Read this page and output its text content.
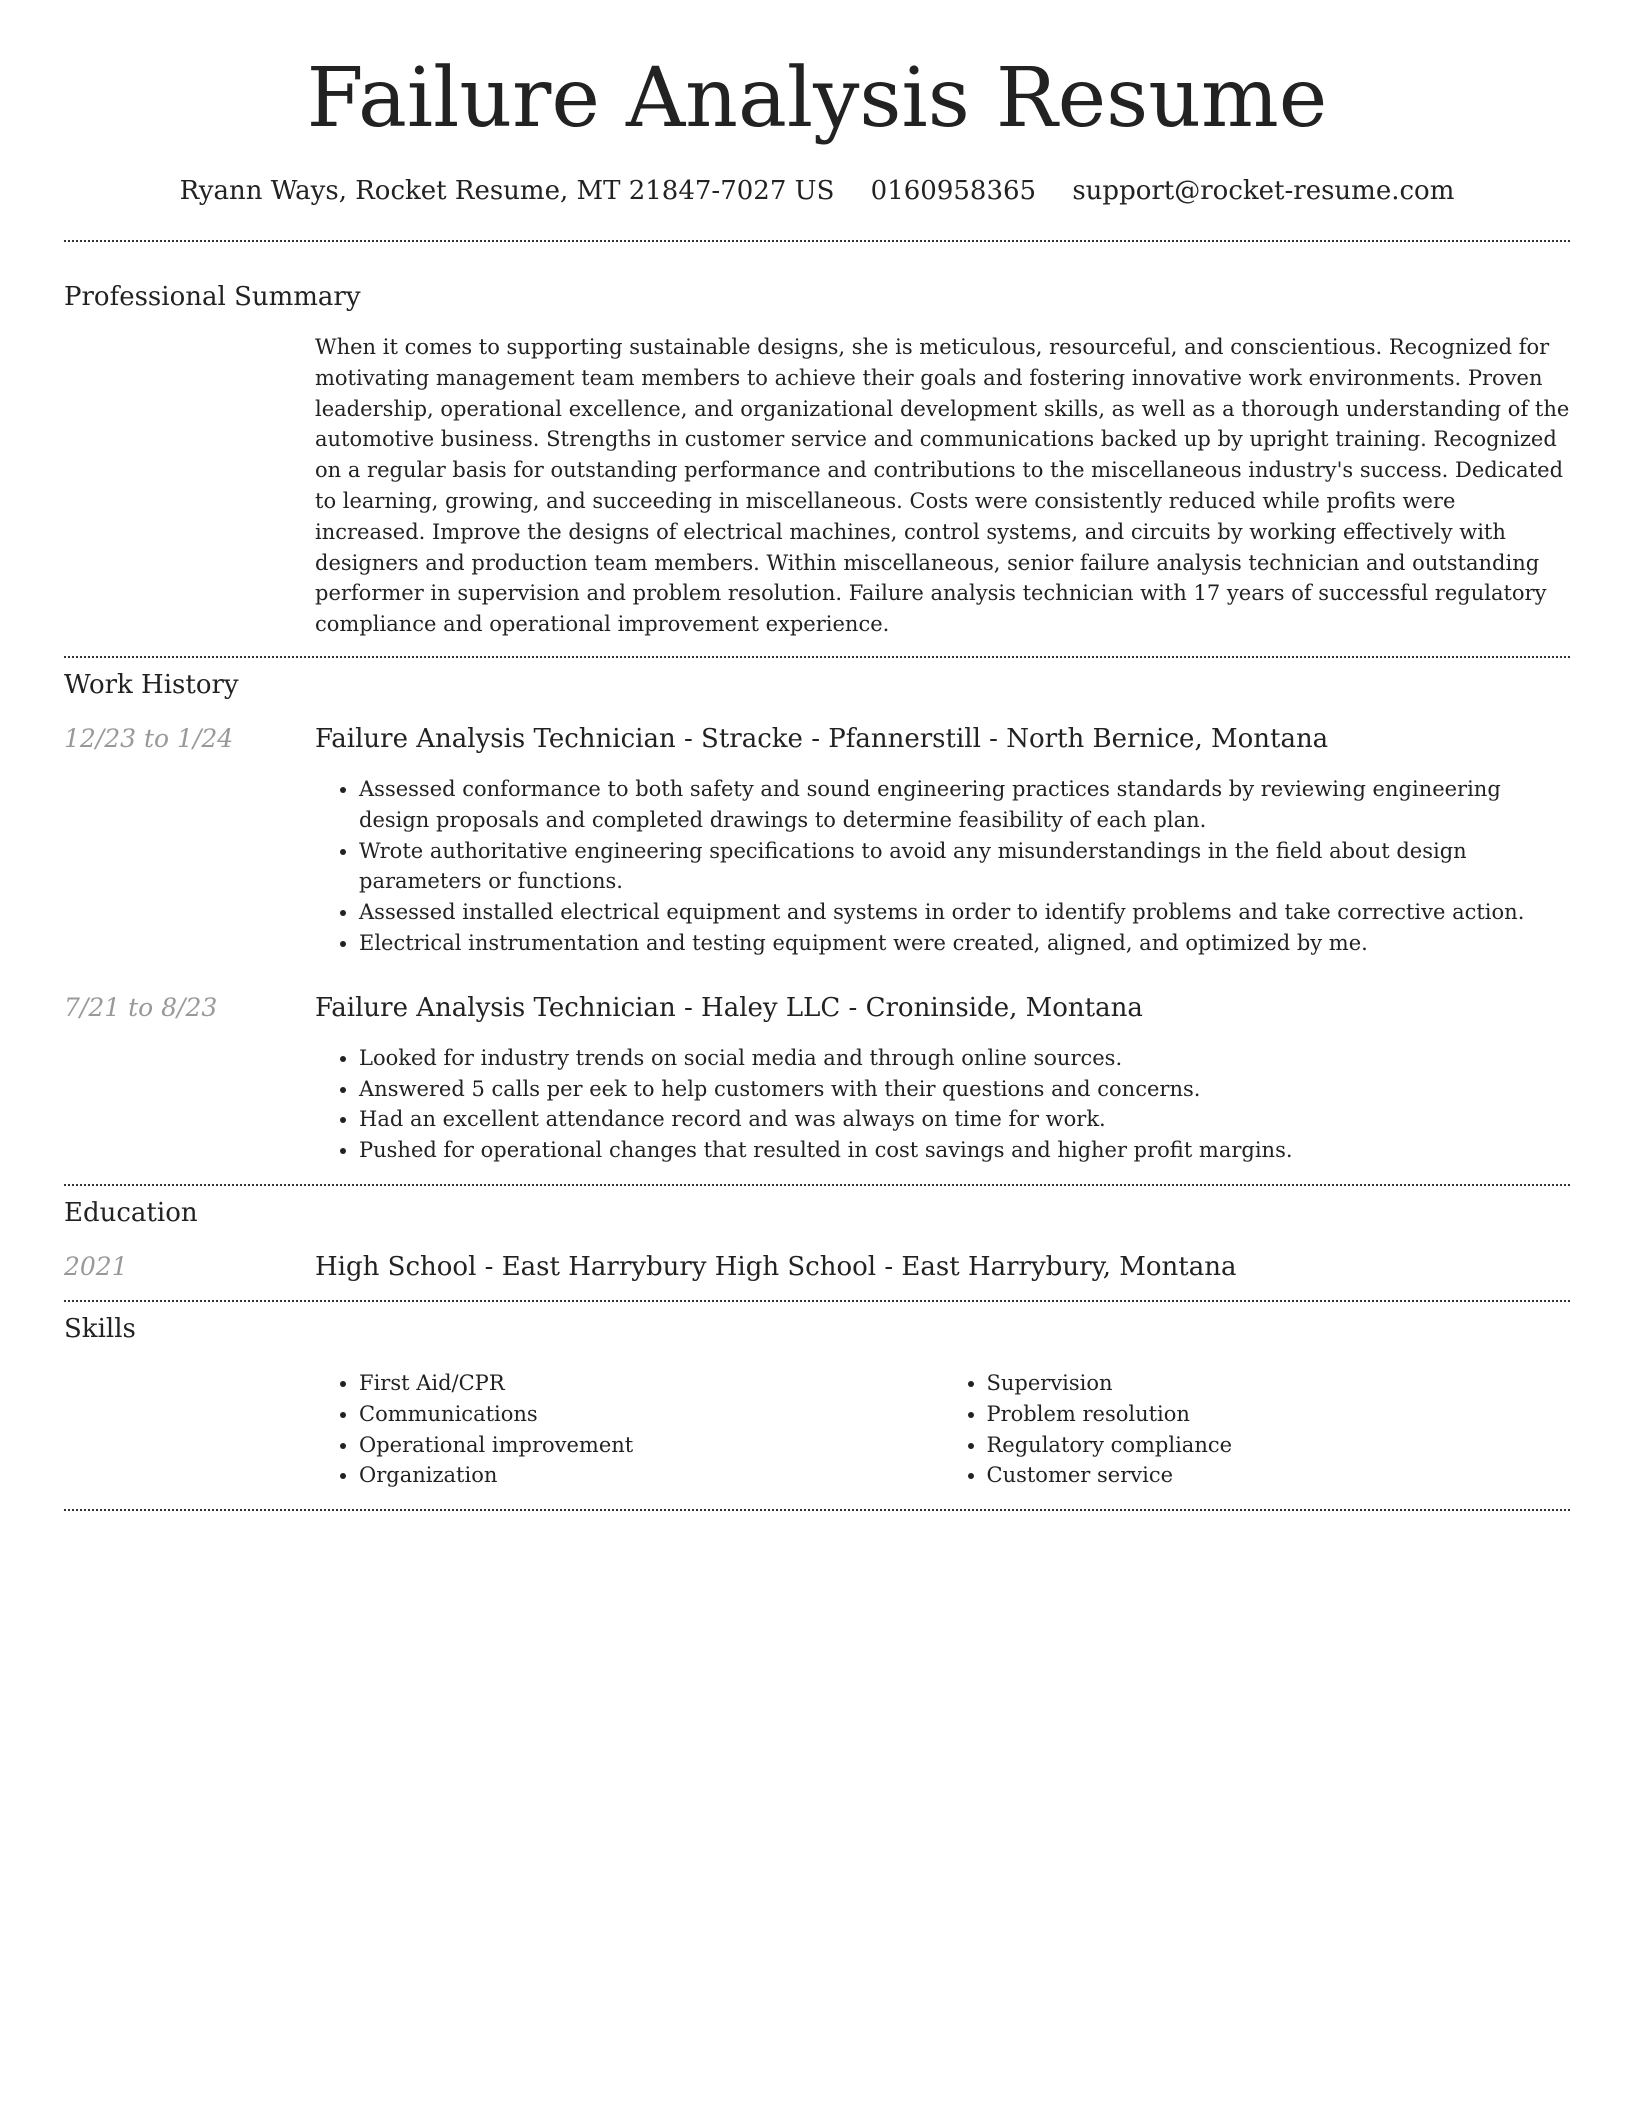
Failure Analysis Resume
Ryann Ways, Rocket Resume, MT 21847-7027 US 0160958365 support@rocket-resume.com
Professional Summary

When it comes to supporting sustainable designs, she is meticulous, resourceful, and conscientious. Recognized for motivating management team members to achieve their goals and fostering innovative work environments. Proven leadership, operational excellence, and organizational development skills, as well as a thorough understanding of the automotive business. Strengths in customer service and communications backed up by upright training. Recognized on a regular basis for outstanding performance and contributions to the miscellaneous industry's success. Dedicated to learning, growing, and succeeding in miscellaneous. Costs were consistently reduced while profits were increased. Improve the designs of electrical machines, control systems, and circuits by working effectively with designers and production team members. Within miscellaneous, senior failure analysis technician and outstanding performer in supervision and problem resolution. Failure analysis technician with 17 years of successful regulatory compliance and operational improvement experience.

Work History
12/23 to 1/24	Failure Analysis Technician - Stracke - Pfannerstill - North Bernice, Montana
• Assessed conformance to both safety and sound engineering practices standards by reviewing engineering design proposals and completed drawings to determine feasibility of each plan.
• Wrote authoritative engineering specifications to avoid any misunderstandings in the field about design parameters or functions.
• Assessed installed electrical equipment and systems in order to identify problems and take corrective action.
• Electrical instrumentation and testing equipment were created, aligned, and optimized by me.
7/21 to 8/23	Failure Analysis Technician - Haley LLC - Croninside, Montana
• Looked for industry trends on social media and through online sources.
• Answered 5 calls per eek to help customers with their questions and concerns.
• Had an excellent attendance record and was always on time for work.
• Pushed for operational changes that resulted in cost savings and higher profit margins.
Education
2021	High School - East Harrybury High School - East Harrybury, Montana
Skills
• First Aid/CPR
• Communications
• Operational improvement
• Organization
• Supervision
• Problem resolution
• Regulatory compliance
• Customer service
